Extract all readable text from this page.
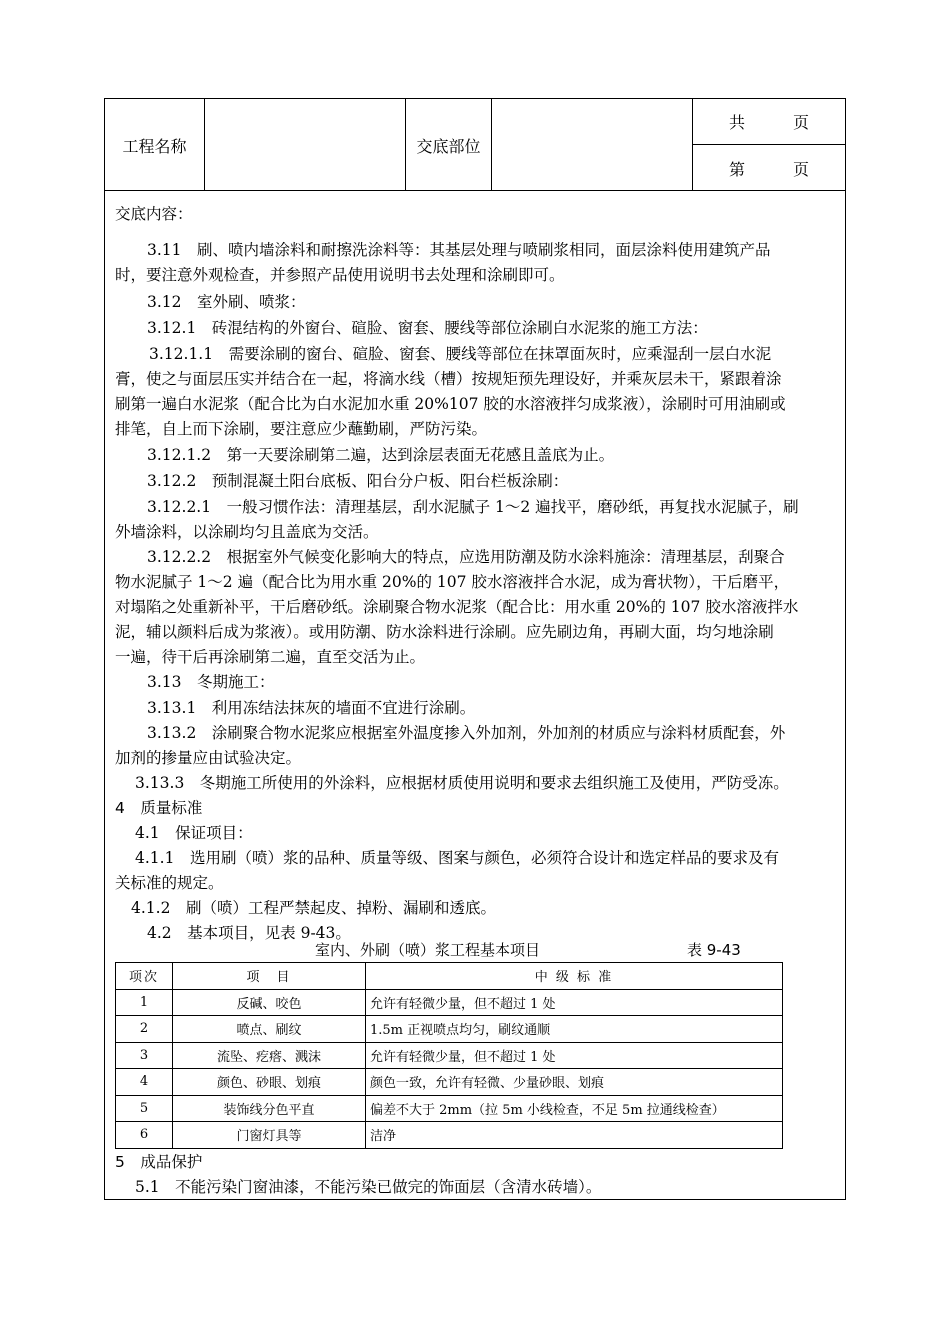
工程名称	交底部位
共　　　页
第　　　页
交底内容：
3.11　刷、喷内墙涂料和耐擦洗涂料等：其基层处理与喷刷浆相同，面层涂料使用建筑产品
时，要注意外观检查，并参照产品使用说明书去处理和涂刷即可。
3.12　室外刷、喷浆：
3.12.1　砖混结构的外窗台、碹脸、窗套、腰线等部位涂刷白水泥浆的施工方法：
3.12.1.1　需要涂刷的窗台、碹脸、窗套、腰线等部位在抹罩面灰时，应乘湿刮一层白水泥
膏，使之与面层压实并结合在一起，将滴水线（槽）按规矩预先理设好，并乘灰层未干，紧跟着涂
刷第一遍白水泥浆（配合比为白水泥加水重 20%107 胶的水溶液拌匀成浆液），涂刷时可用油刷或
排笔，自上而下涂刷，要注意应少蘸勤刷，严防污染。
3.12.1.2　第一天要涂刷第二遍，达到涂层表面无花感且盖底为止。
3.12.2　预制混凝土阳台底板、阳台分户板、阳台栏板涂刷：
3.12.2.1　一般习惯作法：清理基层，刮水泥腻子 1～2 遍找平，磨砂纸，再复找水泥腻子，刷
外墙涂料，以涂刷均匀且盖底为交活。
3.12.2.2　根据室外气候变化影响大的特点，应选用防潮及防水涂料施涂：清理基层，刮聚合
物水泥腻子 1～2 遍（配合比为用水重 20%的 107 胶水溶液拌合水泥，成为膏状物），干后磨平，
对塌陷之处重新补平，干后磨砂纸。涂刷聚合物水泥浆（配合比：用水重 20%的 107 胶水溶液拌水
泥，辅以颜料后成为浆液）。或用防潮、防水涂料进行涂刷。应先刷边角，再刷大面，均匀地涂刷
一遍，待干后再涂刷第二遍，直至交活为止。
3.13　冬期施工：
3.13.1　利用冻结法抹灰的墙面不宜进行涂刷。
3.13.2　涂刷聚合物水泥浆应根据室外温度掺入外加剂，外加剂的材质应与涂料材质配套，外
加剂的掺量应由试验决定。
3.13.3　冬期施工所使用的外涂料，应根据材质使用说明和要求去组织施工及使用，严防受冻。
4　质量标准
4.1　保证项目：
4.1.1　选用刷（喷）浆的品种、质量等级、图案与颜色，必须符合设计和选定样品的要求及有
关标准的规定。
4.1.2　刷（喷）工程严禁起皮、掉粉、漏刷和透底。
4.2　基本项目，见表 9-43。
室内、外刷（喷）浆工程基本项目	表 9-43
项次	项　目	中 级 标 准
1	反碱、咬色	允许有轻微少量，但不超过 1 处
2	喷点、刷纹	1.5m 正视喷点均匀，刷纹通顺
3	流坠、疙瘩、溅沫	允许有轻微少量，但不超过 1 处
4	颜色、砂眼、划痕	颜色一致，允许有轻微、少量砂眼、划痕
5	装饰线分色平直	偏差不大于 2mm（拉 5m 小线检查，不足 5m 拉通线检查）
6	门窗灯具等	洁净
5　成品保护
5.1　不能污染门窗油漆，不能污染已做完的饰面层（含清水砖墙）。
